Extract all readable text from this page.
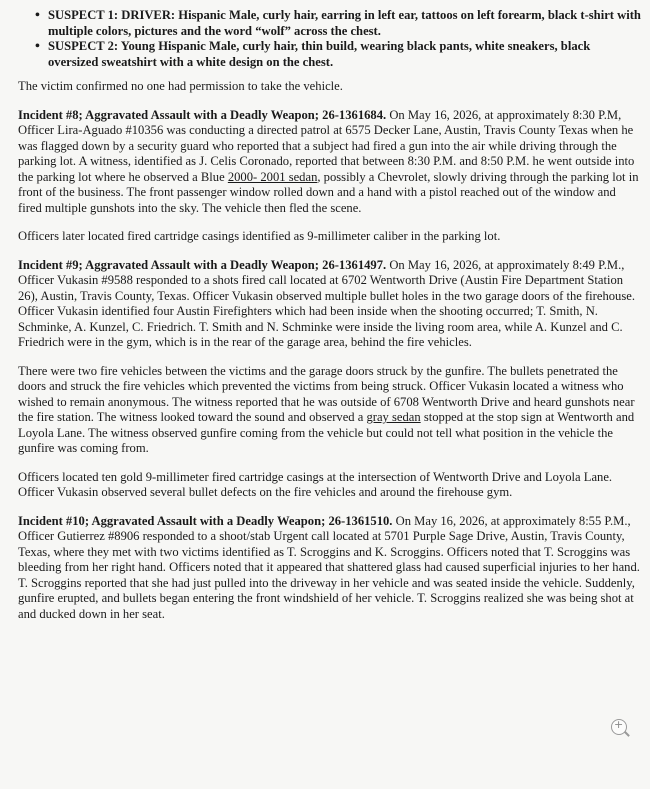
• SUSPECT 1: DRIVER: Hispanic Male, curly hair, earring in left ear, tattoos on left forearm, black t-shirt with multiple colors, pictures and the word “wolf” across the chest.
• SUSPECT 2: Young Hispanic Male, curly hair, thin build, wearing black pants, white sneakers, black oversized sweatshirt with a white design on the chest.

The victim confirmed no one had permission to take the vehicle.

Incident #8; Aggravated Assault with a Deadly Weapon; 26-1361684. On May 16, 2026, at approximately 8:30 P.M, Officer Lira-Aguado #10356 was conducting a directed patrol at 6575 Decker Lane, Austin, Travis County Texas when he was flagged down by a security guard who reported that a subject had fired a gun into the air while driving through the parking lot. A witness, identified as J. Celis Coronado, reported that between 8:30 P.M. and 8:50 P.M. he went outside into the parking lot where he observed a Blue 2000- 2001 sedan, possibly a Chevrolet, slowly driving through the parking lot in front of the business. The front passenger window rolled down and a hand with a pistol reached out of the window and fired multiple gunshots into the sky. The vehicle then fled the scene.

Officers later located fired cartridge casings identified as 9-millimeter caliber in the parking lot.

Incident #9; Aggravated Assault with a Deadly Weapon; 26-1361497. On May 16, 2026, at approximately 8:49 P.M., Officer Vukasin #9588 responded to a shots fired call located at 6702 Wentworth Drive (Austin Fire Department Station 26), Austin, Travis County, Texas. Officer Vukasin observed multiple bullet holes in the two garage doors of the firehouse. Officer Vukasin identified four Austin Firefighters which had been inside when the shooting occurred; T. Smith, N. Schminke, A. Kunzel, C. Friedrich. T. Smith and N. Schminke were inside the living room area, while A. Kunzel and C. Friedrich were in the gym, which is in the rear of the garage area, behind the fire vehicles.

There were two fire vehicles between the victims and the garage doors struck by the gunfire. The bullets penetrated the doors and struck the fire vehicles which prevented the victims from being struck. Officer Vukasin located a witness who wished to remain anonymous. The witness reported that he was outside of 6708 Wentworth Drive and heard gunshots near the fire station. The witness looked toward the sound and observed a gray sedan stopped at the stop sign at Wentworth and Loyola Lane. The witness observed gunfire coming from the vehicle but could not tell what position in the vehicle the gunfire was coming from.

Officers located ten gold 9-millimeter fired cartridge casings at the intersection of Wentworth Drive and Loyola Lane. Officer Vukasin observed several bullet defects on the fire vehicles and around the firehouse gym.

Incident #10; Aggravated Assault with a Deadly Weapon; 26-1361510. On May 16, 2026, at approximately 8:55 P.M., Officer Gutierrez #8906 responded to a shoot/stab Urgent call located at 5701 Purple Sage Drive, Austin, Travis County, Texas, where they met with two victims identified as T. Scroggins and K. Scroggins. Officers noted that T. Scroggins was bleeding from her right hand. Officers noted that it appeared that shattered glass had caused superficial injuries to her hand. T. Scroggins reported that she had just pulled into the driveway in her vehicle and was seated inside the vehicle. Suddenly, gunfire erupted, and bullets began entering the front windshield of her vehicle. T. Scroggins realized she was being shot at and ducked down in her seat.

+
